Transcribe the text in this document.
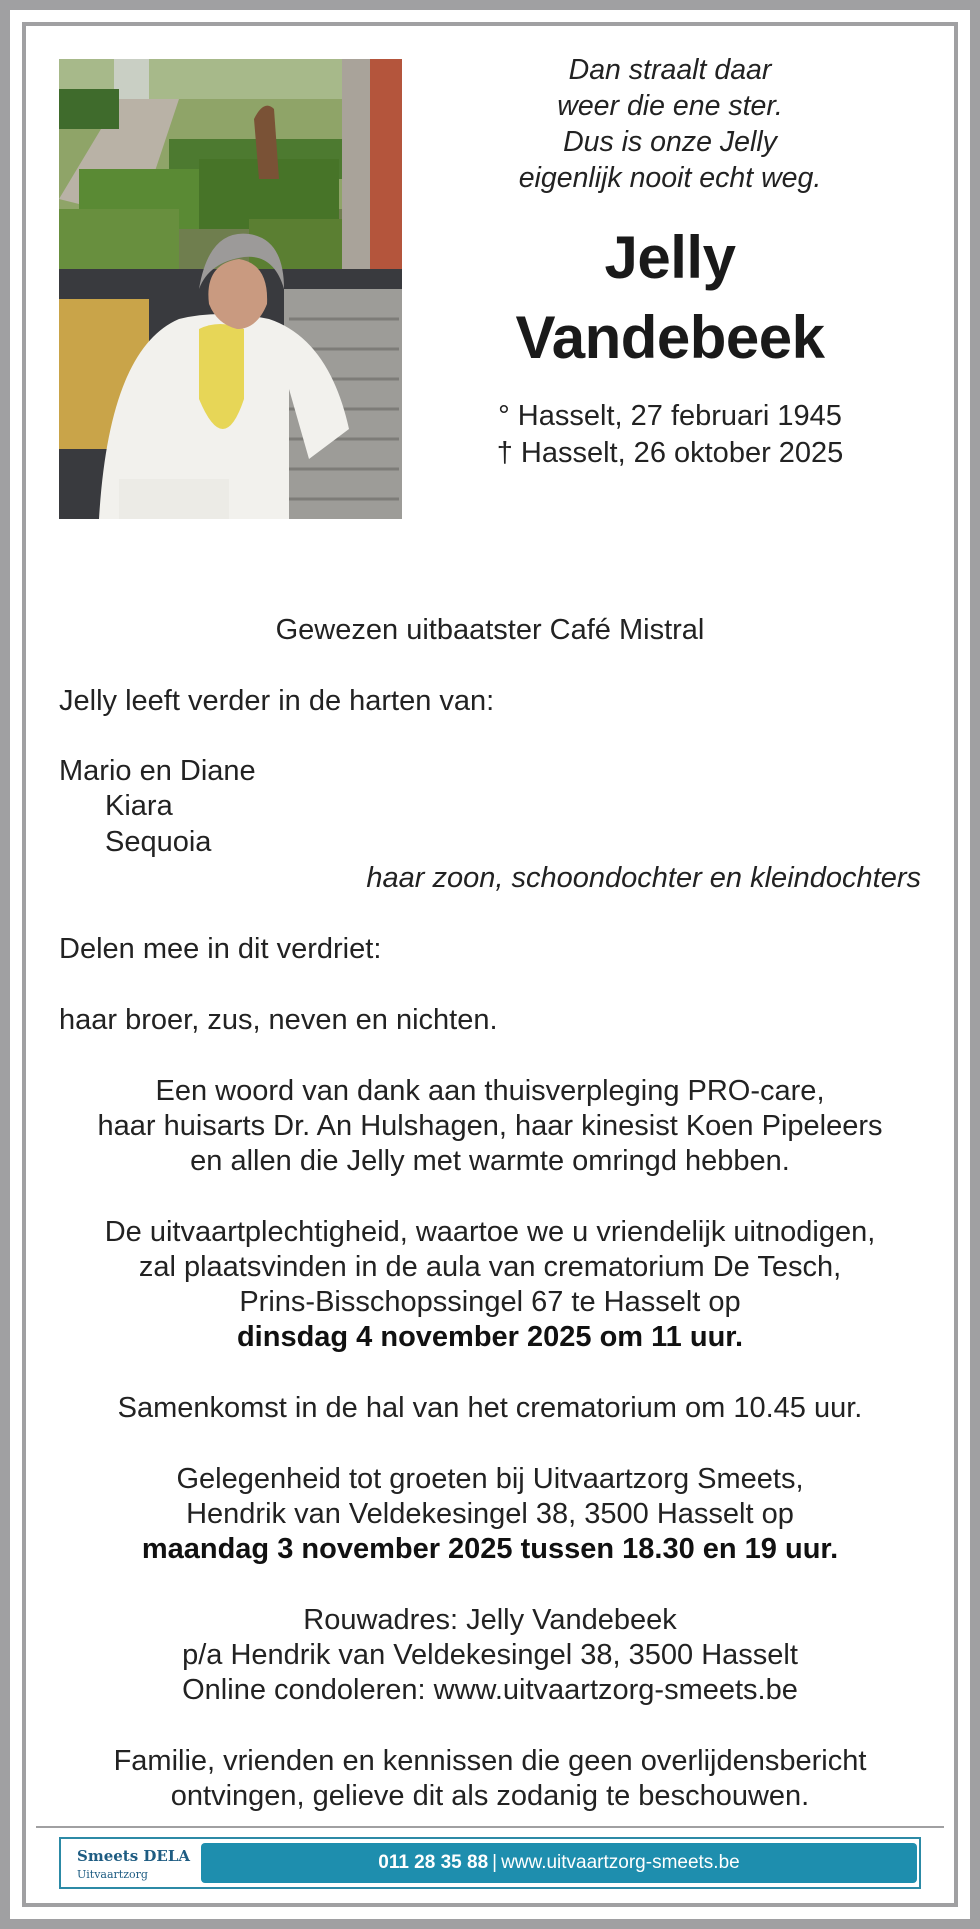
Dan straalt daar
weer die ene ster.
Dus is onze Jelly
eigenlijk nooit echt weg.
Jelly
Vandebeek
° Hasselt, 27 februari 1945
† Hasselt, 26 oktober 2025
Gewezen uitbaatster Café Mistral
Jelly leeft verder in de harten van:
Mario en Diane
Kiara
Sequoia
haar zoon, schoondochter en kleindochters
Delen mee in dit verdriet:
haar broer, zus, neven en nichten.
Een woord van dank aan thuisverpleging PRO-care,
haar huisarts Dr. An Hulshagen, haar kinesist Koen Pipeleers
en allen die Jelly met warmte omringd hebben.
De uitvaartplechtigheid, waartoe we u vriendelijk uitnodigen,
zal plaatsvinden in de aula van crematorium De Tesch,
Prins-Bisschopssingel 67 te Hasselt op
dinsdag 4 november 2025 om 11 uur.
Samenkomst in de hal van het crematorium om 10.45 uur.
Gelegenheid tot groeten bij Uitvaartzorg Smeets,
Hendrik van Veldekesingel 38, 3500 Hasselt op
maandag 3 november 2025 tussen 18.30 en 19 uur.
Rouwadres: Jelly Vandebeek
p/a Hendrik van Veldekesingel 38, 3500 Hasselt
Online condoleren: www.uitvaartzorg-smeets.be
Familie, vrienden en kennissen die geen overlijdensbericht
ontvingen, gelieve dit als zodanig te beschouwen.
Smeets DELA
Uitvaartzorg
011 28 35 88 | www.uitvaartzorg-smeets.be
